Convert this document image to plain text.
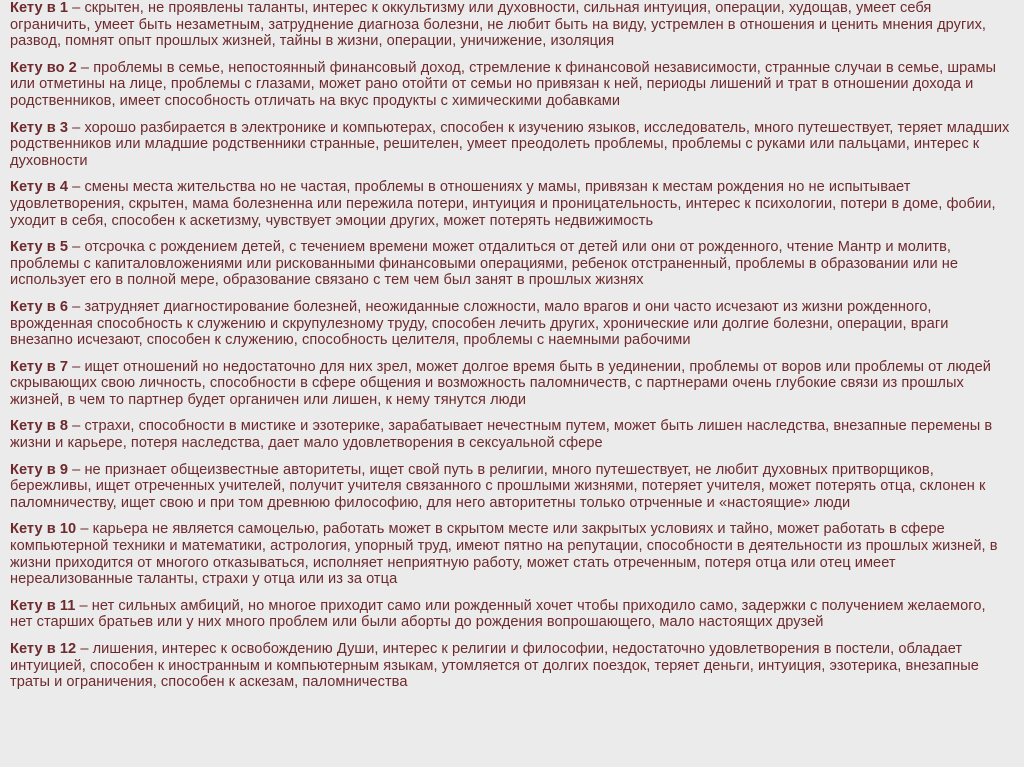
Кету в 1 – скрытен, не проявлены таланты, интерес к оккультизму или духовности, сильная интуиция, операции, худощав, умеет себя ограничить, умеет быть незаметным, затруднение диагноза болезни, не любит быть на виду, устремлен в отношения и ценить мнения других, развод, помнят опыт прошлых жизней, тайны в жизни, операции, уничижение, изоляция

Кету во 2 – проблемы в семье, непостоянный финансовый доход, стремление к финансовой независимости, странные случаи в семье, шрамы или отметины на лице, проблемы с глазами, может рано отойти от семьи но привязан к ней, периоды лишений и трат в отношении дохода и родственников, имеет способность отличать на вкус продукты с химическими добавками

Кету в 3 – хорошо разбирается в электронике и компьютерах, способен к изучению языков, исследователь, много путешествует, теряет младших родственников или младшие родственники странные, решителен, умеет преодолеть проблемы, проблемы с руками или пальцами, интерес к духовности

Кету в 4 – смены места жительства но не частая, проблемы в отношениях у мамы, привязан к местам рождения но не испытывает удовлетворения, скрытен, мама болезненна или пережила потери, интуиция и проницательность, интерес к психологии, потери в доме, фобии, уходит в себя, способен к аскетизму, чувствует эмоции других, может потерять недвижимость

Кету в 5 – отсрочка с рождением детей, с течением времени может отдалиться от детей или они от рожденного, чтение Мантр и молитв, проблемы с капиталовложениями или рискованными финансовыми операциями, ребенок отстраненный, проблемы в образовании или не использует его в полной мере, образование связано с тем чем был занят в прошлых жизнях

Кету в 6 – затрудняет диагностирование болезней, неожиданные сложности, мало врагов и они часто исчезают из жизни рожденного, врожденная способность к служению и скрупулезному труду, способен лечить других, хронические или долгие болезни, операции, враги внезапно исчезают, способен к служению, способность целителя, проблемы с наемными рабочими

Кету в 7 – ищет отношений но недостаточно для них зрел, может долгое время быть в уединении, проблемы от воров или проблемы от людей скрывающих свою личность, способности в сфере общения и возможность паломничеств, с партнерами очень глубокие связи из прошлых жизней, в чем то партнер будет органичен или лишен, к нему тянутся люди

Кету в 8 – страхи, способности в мистике и эзотерике, зарабатывает нечестным путем, может быть лишен наследства, внезапные перемены в жизни и карьере, потеря наследства, дает мало удовлетворения в сексуальной сфере

Кету в 9 – не признает общеизвестные авторитеты, ищет свой путь в религии, много путешествует, не любит духовных притворщиков, бережливы, ищет отреченных учителей, получит учителя связанного с прошлыми жизнями, потеряет учителя, может потерять отца, склонен к паломничеству, ищет свою и при том древнюю философию, для него авторитетны только отрченные и «настоящие» люди

Кету в 10 – карьера не является самоцелью, работать может в скрытом месте или закрытых условиях и тайно, может работать в сфере компьютерной техники и математики, астрология, упорный труд, имеют пятно на репутации, способности в деятельности из прошлых жизней, в жизни приходится от многого отказываться, исполняет неприятную работу, может стать отреченным, потеря отца или отец имеет нереализованные таланты, страхи у отца или из за отца

Кету в 11 – нет сильных амбиций, но многое приходит само или рожденный хочет чтобы приходило само, задержки с получением желаемого, нет старших братьев или у них много проблем или были аборты до рождения вопрошающего, мало настоящих друзей

Кету в 12 – лишения, интерес к освобождению Души, интерес к религии и философии, недостаточно удовлетворения в постели, обладает интуицией, способен к иностранным и компьютерным языкам, утомляется от долгих поездок, теряет деньги, интуиция, эзотерика, внезапные траты и ограничения, способен к аскезам, паломничества
